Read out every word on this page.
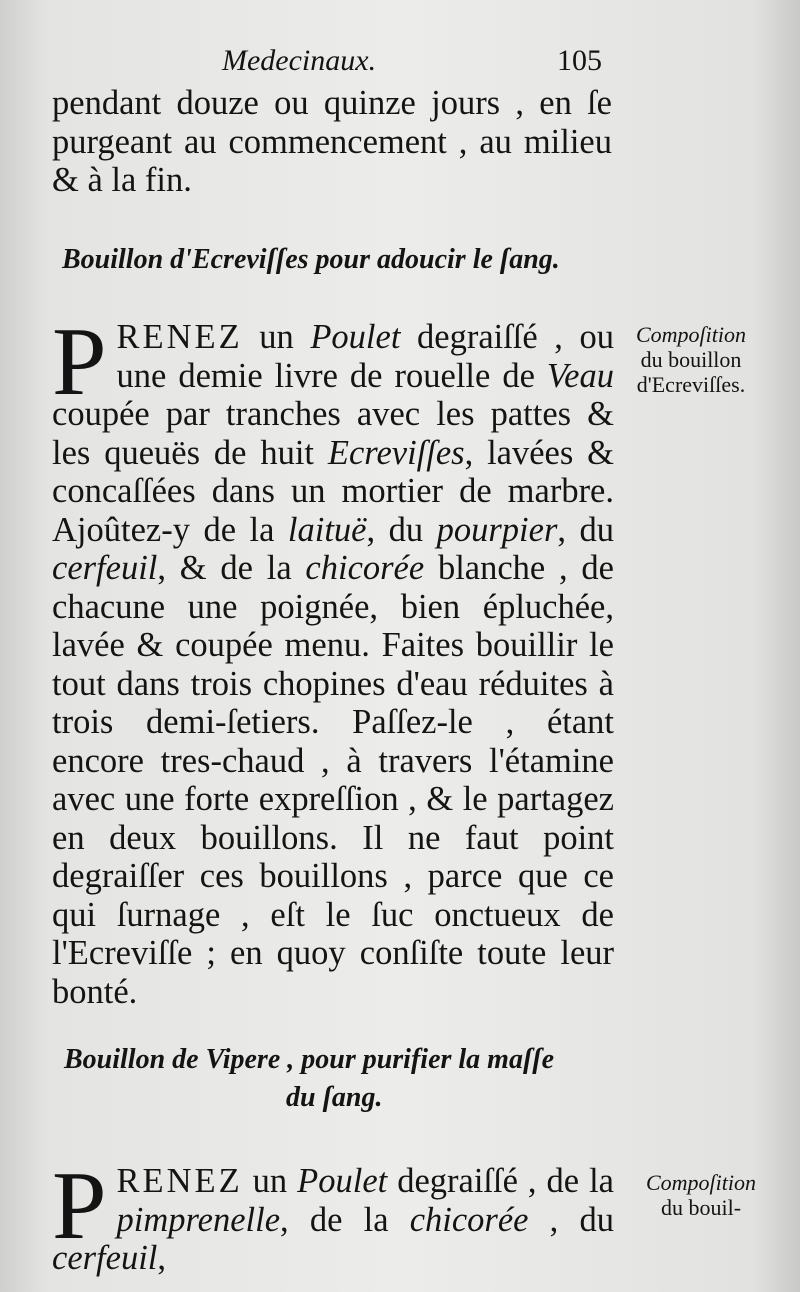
Medecinaux.	105
pendant douze ou quinze jours , en ſe purgeant au commencement , au milieu & à la fin.
Bouillon d'Ecreviſſes pour adoucir le ſang.
PRENEZ un Poulet degraiſſé , ou une demie livre de rouelle de Veau coupée par tranches avec les pattes & les queuës de huit Ecreviſſes, lavées & concaſſées dans un mortier de marbre. Ajoûtez-y de la laituë, du pourpier, du cerfeuil, & de la chicorée blanche , de chacune une poignée, bien épluchée, lavée & coupée menu. Faites bouillir le tout dans trois chopines d'eau réduites à trois demi-ſetiers. Paſſez-le , étant encore tres-chaud , à travers l'étamine avec une forte expreſſion , & le partagez en deux bouillons. Il ne faut point degraiſſer ces bouillons , parce que ce qui ſurnage , eſt le ſuc onctueux de l'Ecreviſſe ; en quoy conſiſte toute leur bonté.
Compoſition
du bouillon d'Ecreviſſes.
Bouillon de Vipere , pour purifier la maſſe
du ſang.
PRENEZ un Poulet degraiſſé , de la pimprenelle, de la chicorée , du cerfeuil,
Compoſition
du bouil-
